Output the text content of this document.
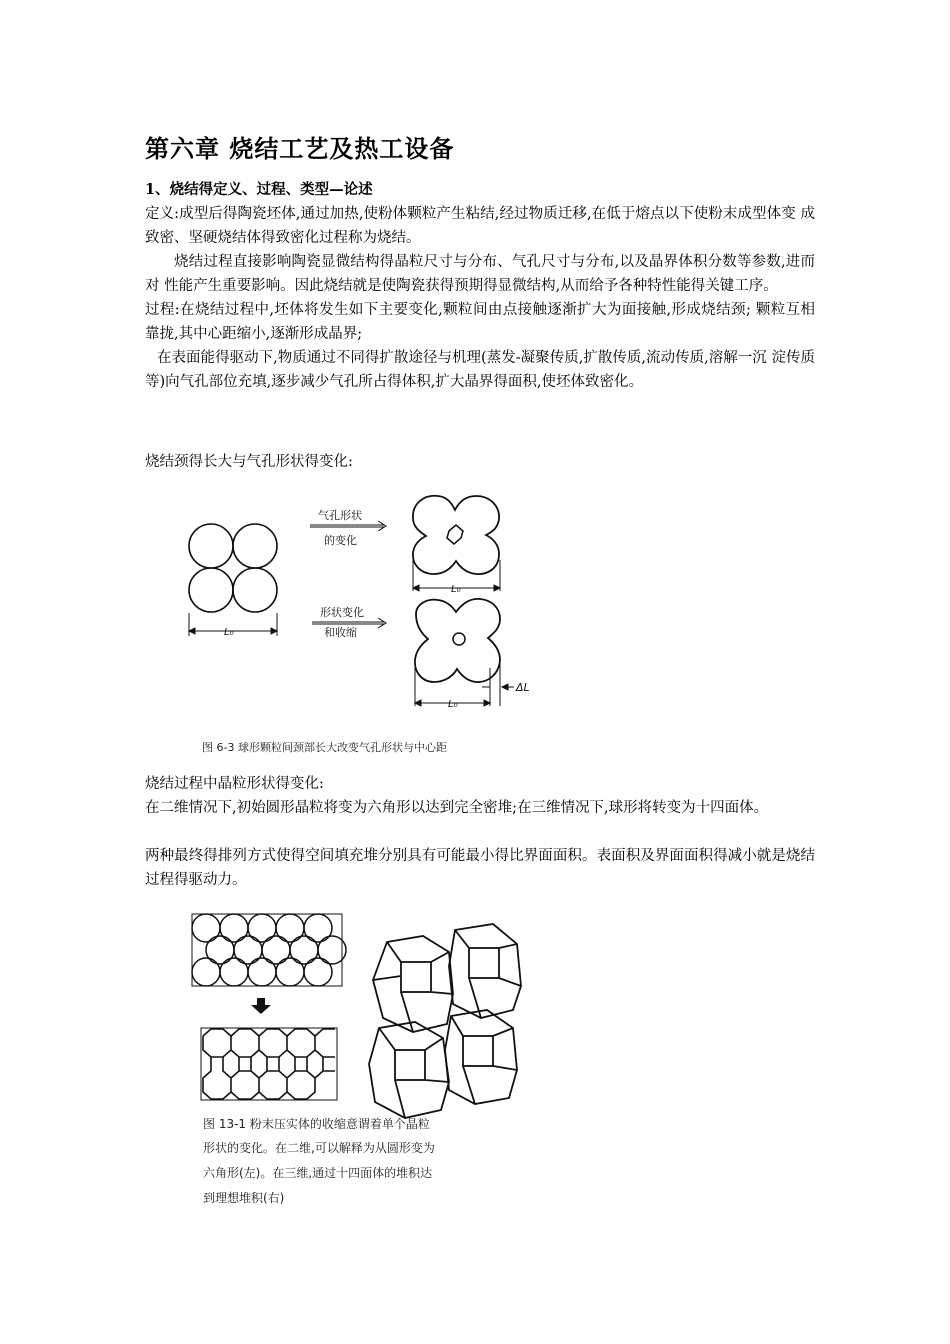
第六章 烧结工艺及热工设备

1、烧结得定义、过程、类型—论述

定义:成型后得陶瓷坯体,通过加热,使粉体颗粒产生粘结,经过物质迁移,在低于熔点以下使粉末成型体变 成致密、坚硬烧结体得致密化过程称为烧结。

烧结过程直接影响陶瓷显微结构得晶粒尺寸与分布、气孔尺寸与分布,以及晶界体积分数等参数,进而对 性能产生重要影响。因此烧结就是使陶瓷获得预期得显微结构,从而给予各种特性能得关键工序。

过程:在烧结过程中,坯体将发生如下主要变化,颗粒间由点接触逐渐扩大为面接触,形成烧结颈; 颗粒互相 靠拢,其中心距缩小,逐渐形成晶界;

在表面能得驱动下,物质通过不同得扩散途径与机理(蒸发-凝聚传质,扩散传质,流动传质,溶解一沉 淀传质等)向气孔部位充填,逐步减少气孔所占得体积,扩大晶界得面积,使坯体致密化。

烧结颈得长大与气孔形状得变化:

L₀
气孔形状
的变化
形状变化
和收缩
L₀
L₀
ΔL
图 6-3 球形颗粒间颈部长大改变气孔形状与中心距

烧结过程中晶粒形状得变化:

在二维情况下,初始圆形晶粒将变为六角形以达到完全密堆;在三维情况下,球形将转变为十四面体。

两种最终得排列方式使得空间填充堆分别具有可能最小得比界面面积。表面积及界面面积得减小就是烧结 过程得驱动力。

图 13-1 粉末压实体的收缩意谓着单个晶粒
形状的变化。在二维,可以解释为从圆形变为
六角形(左)。在三维,通过十四面体的堆积达
到理想堆积(右)
